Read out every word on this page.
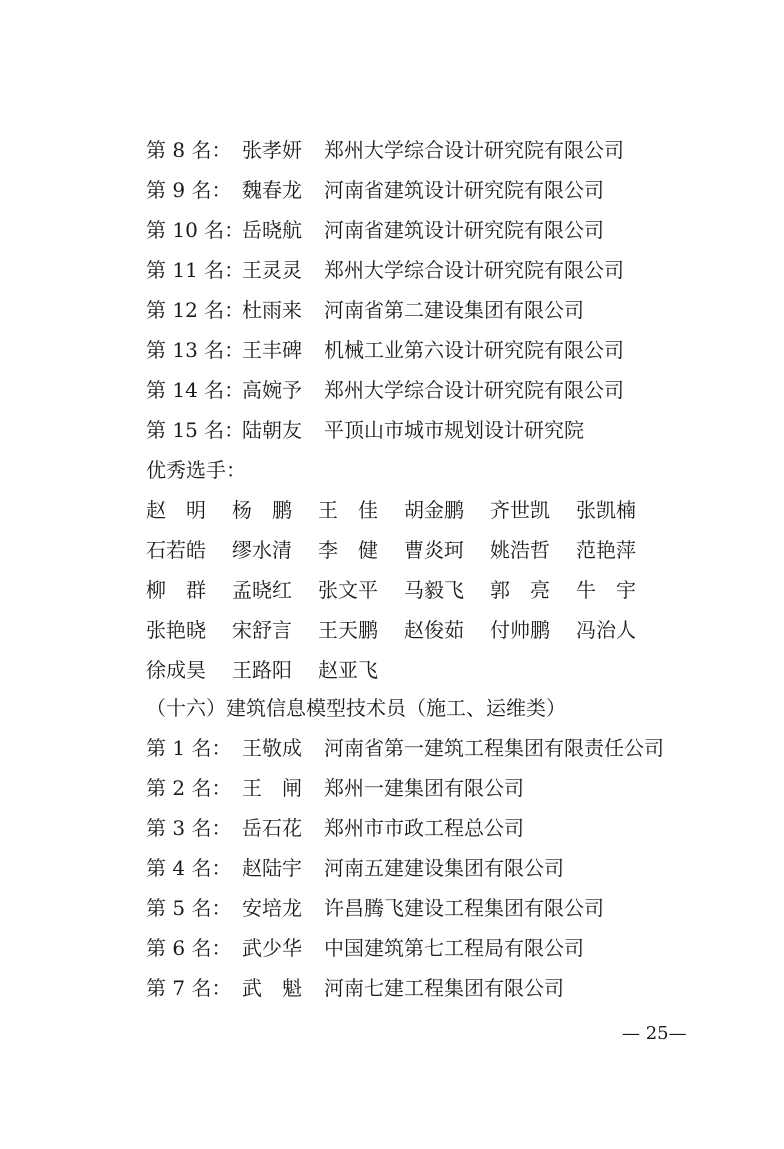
第 8 名： 张孝妍 郑州大学综合设计研究院有限公司
第 9 名： 魏春龙 河南省建筑设计研究院有限公司
第 10 名：岳晓航 河南省建筑设计研究院有限公司
第 11 名：王灵灵 郑州大学综合设计研究院有限公司
第 12 名：杜雨来 河南省第二建设集团有限公司
第 13 名：王丰碑 机械工业第六设计研究院有限公司
第 14 名：高婉予 郑州大学综合设计研究院有限公司
第 15 名：陆朝友 平顶山市城市规划设计研究院
优秀选手：
赵　明	杨　鹏	王　佳	胡金鹏	齐世凯	张凯楠
石若皓	缪水清	李　健	曹炎珂	姚浩哲	范艳萍
柳　群	孟晓红	张文平	马毅飞	郭　亮	牛　宇
张艳晓	宋舒言	王天鹏	赵俊茹	付帅鹏	冯治人
徐成昊	王路阳	赵亚飞
（十六）建筑信息模型技术员（施工、运维类）
第 1 名： 王敬成 河南省第一建筑工程集团有限责任公司
第 2 名： 王　闸 郑州一建集团有限公司
第 3 名： 岳石花 郑州市市政工程总公司
第 4 名： 赵陆宇 河南五建建设集团有限公司
第 5 名： 安培龙 许昌腾飞建设工程集团有限公司
第 6 名： 武少华 中国建筑第七工程局有限公司
第 7 名： 武　魁 河南七建工程集团有限公司
— 25—
